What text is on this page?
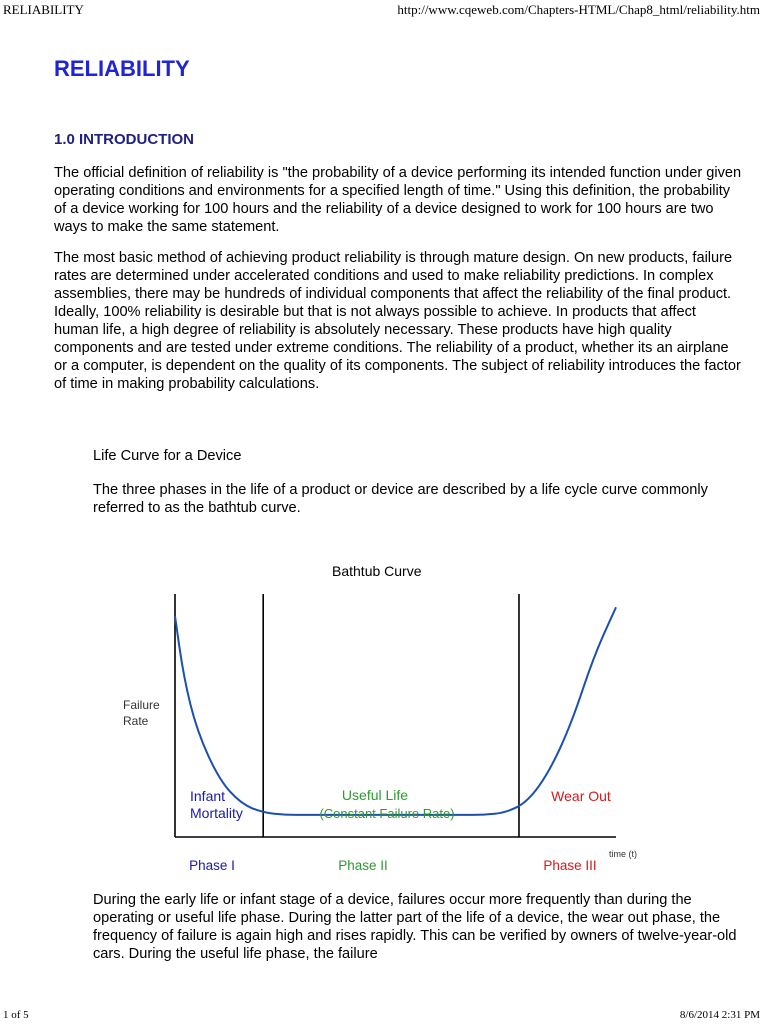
RELIABILITY	http://www.cqeweb.com/Chapters-HTML/Chap8_html/reliability.htm
RELIABILITY
1.0 INTRODUCTION

The official definition of reliability is "the probability of a device performing its intended function under given operating conditions and environments for a specified length of time." Using this definition, the probability of a device working for 100 hours and the reliability of a device designed to work for 100 hours are two ways to make the same statement.

The most basic method of achieving product reliability is through mature design. On new products, failure rates are determined under accelerated conditions and used to make reliability predictions. In complex assemblies, there may be hundreds of individual components that affect the reliability of the final product. Ideally, 100% reliability is desirable but that is not always possible to achieve. In products that affect human life, a high degree of reliability is absolutely necessary. These products have high quality components and are tested under extreme conditions. The reliability of a product, whether its an airplane or a computer, is dependent on the quality of its components. The subject of reliability introduces the factor of time in making probability calculations.

Life Curve for a Device

The three phases in the life of a product or device are described by a life cycle curve commonly referred to as the bathtub curve.

Bathtub Curve
Failure
Rate
time (t)
Infant
Mortality
Useful Life
(Constant Failure Rate)
Wear Out
Phase I	Phase II	Phase III

During the early life or infant stage of a device, failures occur more frequently than during the operating or useful life phase. During the latter part of the life of a device, the wear out phase, the frequency of failure is again high and rises rapidly. This can be verified by owners of twelve-year-old cars. During the useful life phase, the failure

1 of 5	8/6/2014 2:31 PM
